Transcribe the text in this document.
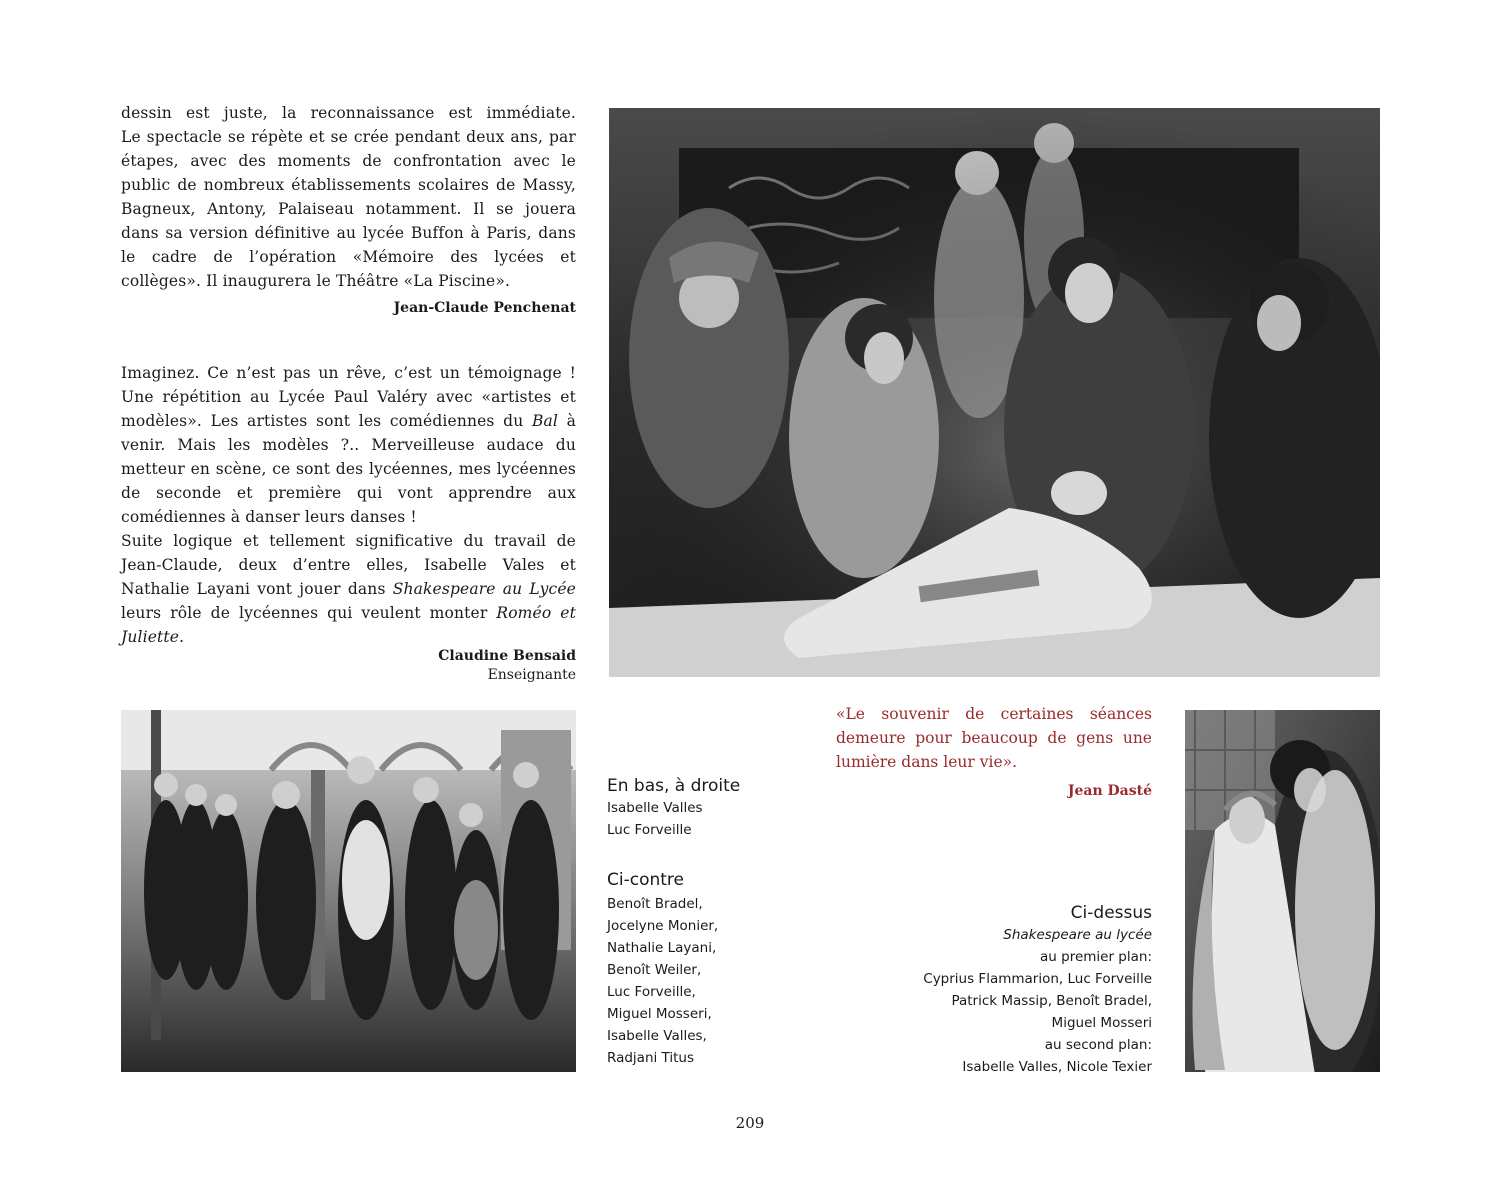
dessin est juste, la reconnaissance est immédiate.

Le spectacle se répète et se crée pendant deux ans, par étapes, avec des moments de confrontation avec le public de nombreux établissements scolaires de Massy, Bagneux, Antony, Palaiseau notamment. Il se jouera dans sa version définitive au lycée Buffon à Paris, dans le cadre de l’opération «Mémoire des lycées et collèges». Il inaugurera le Théâtre «La Piscine».

Jean-Claude Penchenat

Imaginez. Ce n’est pas un rêve, c’est un témoignage ! Une répétition au Lycée Paul Valéry avec «artistes et modèles». Les artistes sont les comédiennes du Bal à venir. Mais les modèles ?.. Merveilleuse audace du metteur en scène, ce sont des lycéennes, mes lycéennes de seconde et première qui vont apprendre aux comédiennes à danser leurs danses !

Suite logique et tellement significative du travail de Jean-Claude, deux d’entre elles, Isabelle Vales et Nathalie Layani vont jouer dans Shakespeare au Lycée leurs rôle de lycéennes qui veulent monter Roméo et Juliette.

Claudine Bensaid
Enseignante
En bas, à droite
Isabelle Valles
Luc Forveille
Ci-contre
Benoît Bradel,
Jocelyne Monier,
Nathalie Layani,
Benoît Weiler,
Luc Forveille,
Miguel Mosseri,
Isabelle Valles,
Radjani Titus
«Le souvenir de certaines séances demeure pour beaucoup de gens une lumière dans leur vie».
Jean Dasté
Ci-dessus
Shakespeare au lycée
au premier plan:
Cyprius Flammarion, Luc Forveille
Patrick Massip, Benoît Bradel,
Miguel Mosseri
au second plan:
Isabelle Valles, Nicole Texier
209
